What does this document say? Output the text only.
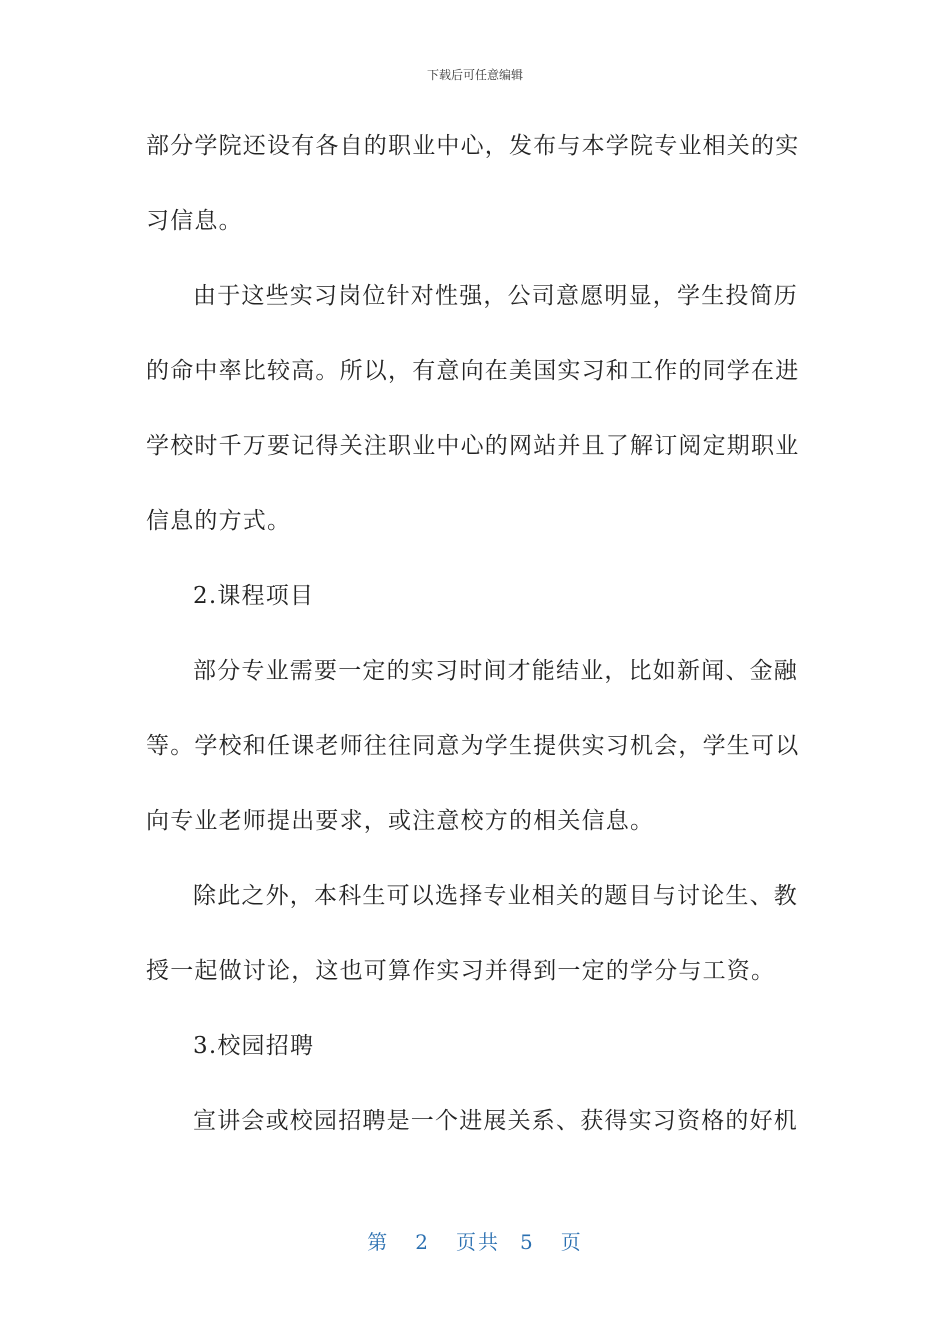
下载后可任意编辑
部分学院还设有各自的职业中心，发布与本学院专业相关的实
习信息。
由于这些实习岗位针对性强，公司意愿明显，学生投简历
的命中率比较高。所以，有意向在美国实习和工作的同学在进
学校时千万要记得关注职业中心的网站并且了解订阅定期职业
信息的方式。
2.课程项目
部分专业需要一定的实习时间才能结业，比如新闻、金融
等。学校和任课老师往往同意为学生提供实习机会，学生可以
向专业老师提出要求，或注意校方的相关信息。
除此之外，本科生可以选择专业相关的题目与讨论生、教
授一起做讨论，这也可算作实习并得到一定的学分与工资。
3.校园招聘
宣讲会或校园招聘是一个进展关系、获得实习资格的好机
第 2 页共 5 页
